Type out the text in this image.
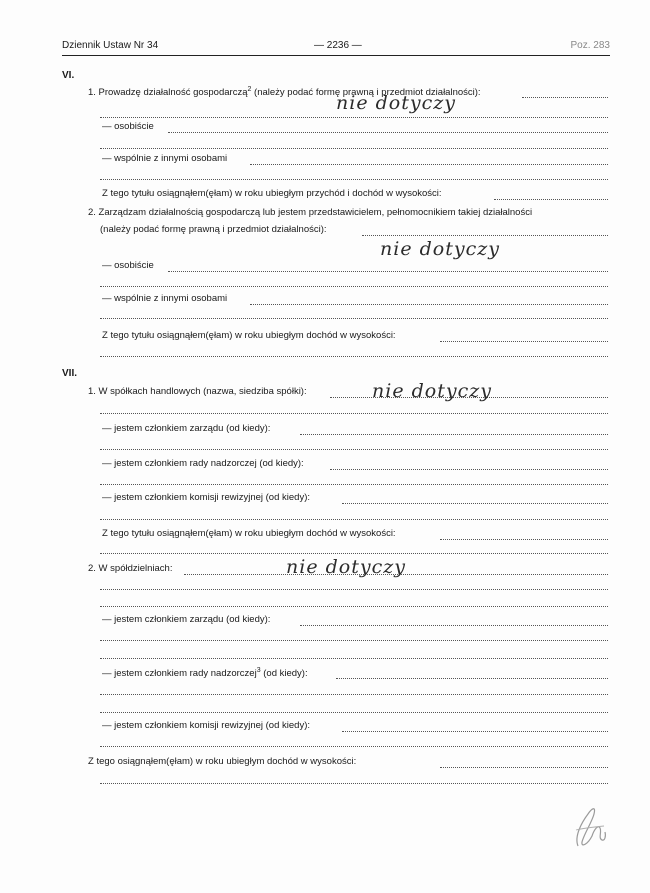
Dziennik Ustaw Nr 34	— 2236 —	Poz. 283
VI.
1. Prowadzę działalność gospodarczą$^2$ (należy podać formę prawną i przedmiot działalności):
nie dotyczy
— osobiście
— wspólnie z innymi osobami
Z tego tytułu osiągnąłem(ęłam) w roku ubiegłym przychód i dochód w wysokości:
2. Zarządzam działalnością gospodarczą lub jestem przedstawicielem, pełnomocnikiem takiej działalności
(należy podać formę prawną i przedmiot działalności):
nie dotyczy
— osobiście
— wspólnie z innymi osobami
Z tego tytułu osiągnąłem(ęłam) w roku ubiegłym dochód w wysokości:
VII.
1. W spółkach handlowych (nazwa, siedziba spółki):	nie dotyczy
— jestem członkiem zarządu (od kiedy):
— jestem członkiem rady nadzorczej (od kiedy):
— jestem członkiem komisji rewizyjnej (od kiedy):
Z tego tytułu osiągnąłem(ęłam) w roku ubiegłym dochód w wysokości:
2. W spółdzielniach:	nie dotyczy
— jestem członkiem zarządu (od kiedy):
— jestem członkiem rady nadzorczej$^3$ (od kiedy):
— jestem członkiem komisji rewizyjnej (od kiedy):
Z tego osiągnąłem(ęłam) w roku ubiegłym dochód w wysokości:
